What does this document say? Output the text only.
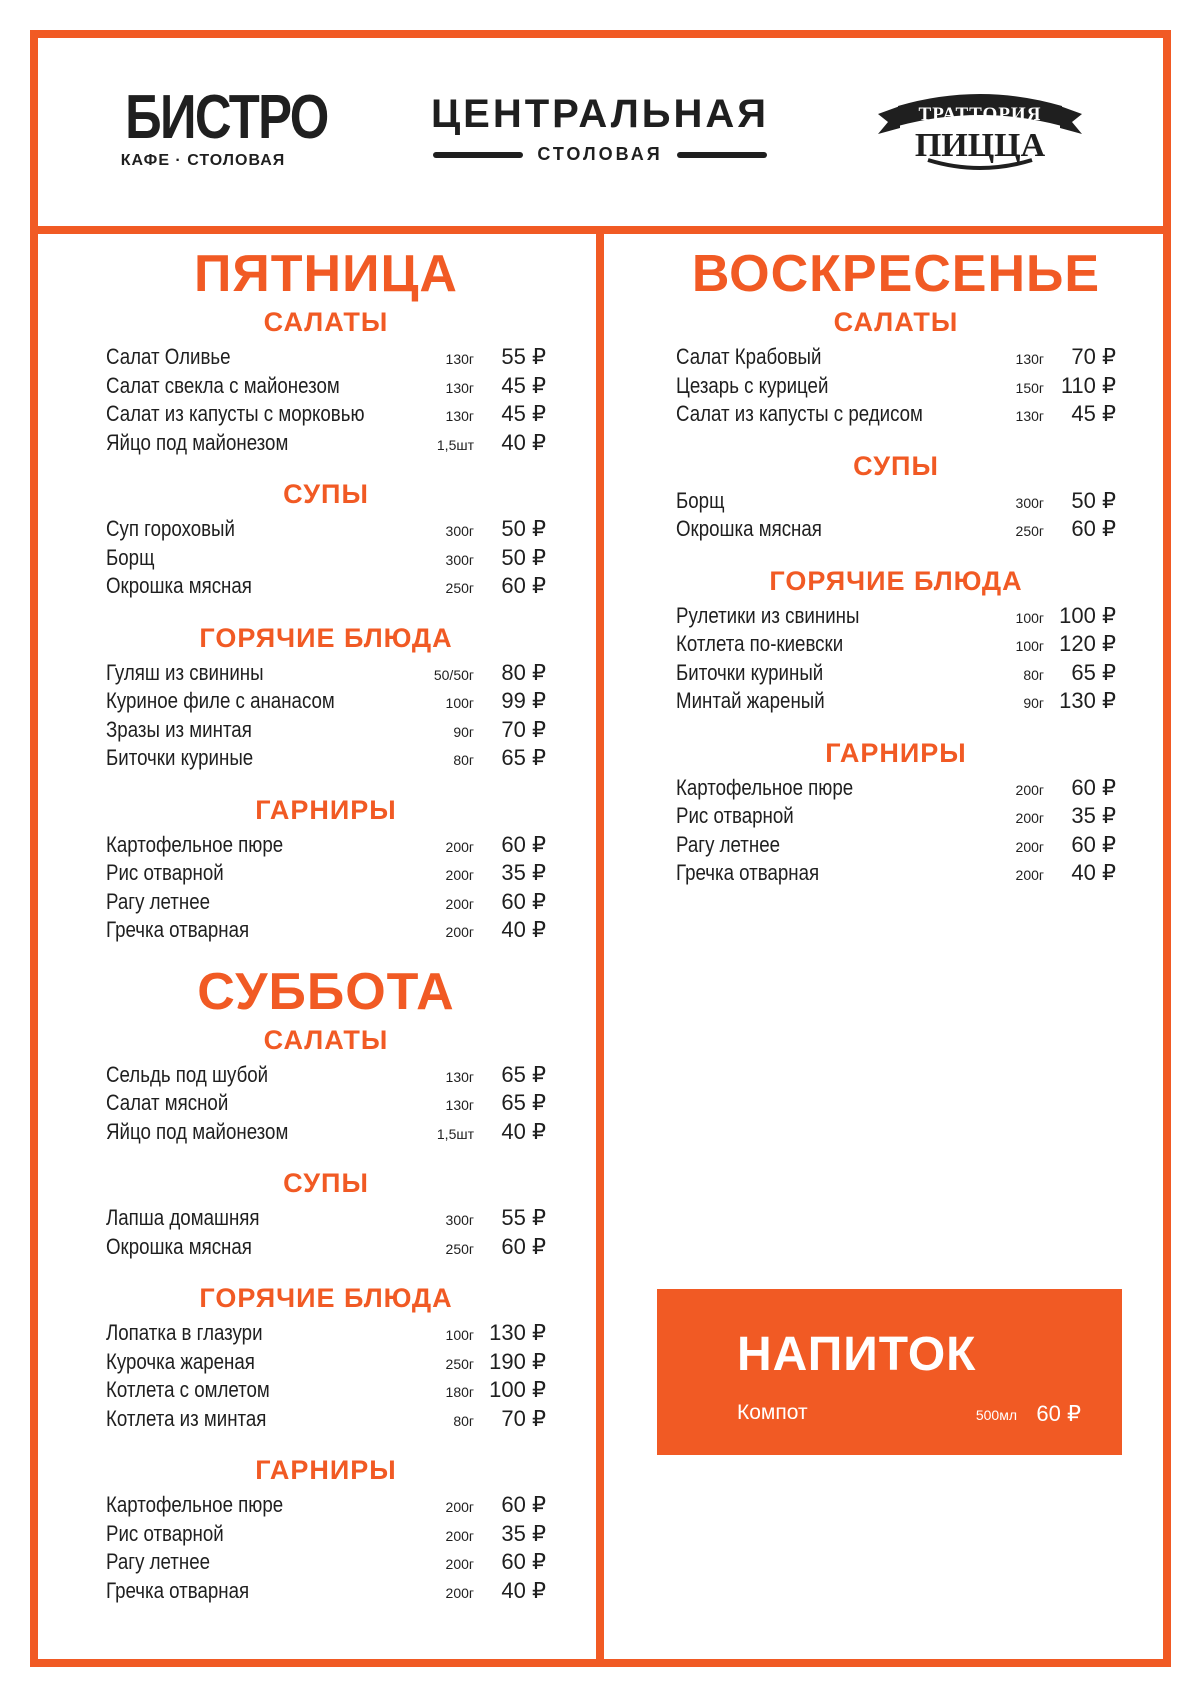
БИСТРО
КАФЕ · СТОЛОВАЯ
ЦЕНТРАЛЬНАЯ
СТОЛОВАЯ
ТРАТТОРИЯ
ПИЦЦА
ПЯТНИЦА
САЛАТЫ
Салат Оливье	130г	55 ₽
Салат свекла с майонезом	130г	45 ₽
Салат из капусты с морковью	130г	45 ₽
Яйцо под майонезом	1,5шт	40 ₽
СУПЫ
Суп гороховый	300г	50 ₽
Борщ	300г	50 ₽
Окрошка мясная	250г	60 ₽
ГОРЯЧИЕ БЛЮДА
Гуляш из свинины	50/50г	80 ₽
Куриное филе с ананасом	100г	99 ₽
Зразы из минтая	90г	70 ₽
Биточки куриные	80г	65 ₽
ГАРНИРЫ
Картофельное пюре	200г	60 ₽
Рис отварной	200г	35 ₽
Рагу летнее	200г	60 ₽
Гречка отварная	200г	40 ₽
СУББОТА
САЛАТЫ
Сельдь под шубой	130г	65 ₽
Салат мясной	130г	65 ₽
Яйцо под майонезом	1,5шт	40 ₽
СУПЫ
Лапша домашняя	300г	55 ₽
Окрошка мясная	250г	60 ₽
ГОРЯЧИЕ БЛЮДА
Лопатка в глазури	100г 130 ₽
Курочка жареная	250г 190 ₽
Котлета с омлетом	180г 100 ₽
Котлета из минтая	80г	70 ₽
ГАРНИРЫ
Картофельное пюре	200г	60 ₽
Рис отварной	200г	35 ₽
Рагу летнее	200г	60 ₽
Гречка отварная	200г	40 ₽
ВОСКРЕСЕНЬЕ
САЛАТЫ
Салат Крабовый	130г	70 ₽
Цезарь с курицей	150г 110 ₽
Салат из капусты с редисом	130г	45 ₽
СУПЫ
Борщ	300г	50 ₽
Окрошка мясная	250г	60 ₽
ГОРЯЧИЕ БЛЮДА
Рулетики из свинины	100г 100 ₽
Котлета по-киевски	100г 120 ₽
Биточки куриный	80г	65 ₽
Минтай жареный	90г 130 ₽
ГАРНИРЫ
Картофельное пюре	200г	60 ₽
Рис отварной	200г	35 ₽
Рагу летнее	200г	60 ₽
Гречка отварная	200г	40 ₽
НАПИТОК
Компот	500мл 60 ₽
